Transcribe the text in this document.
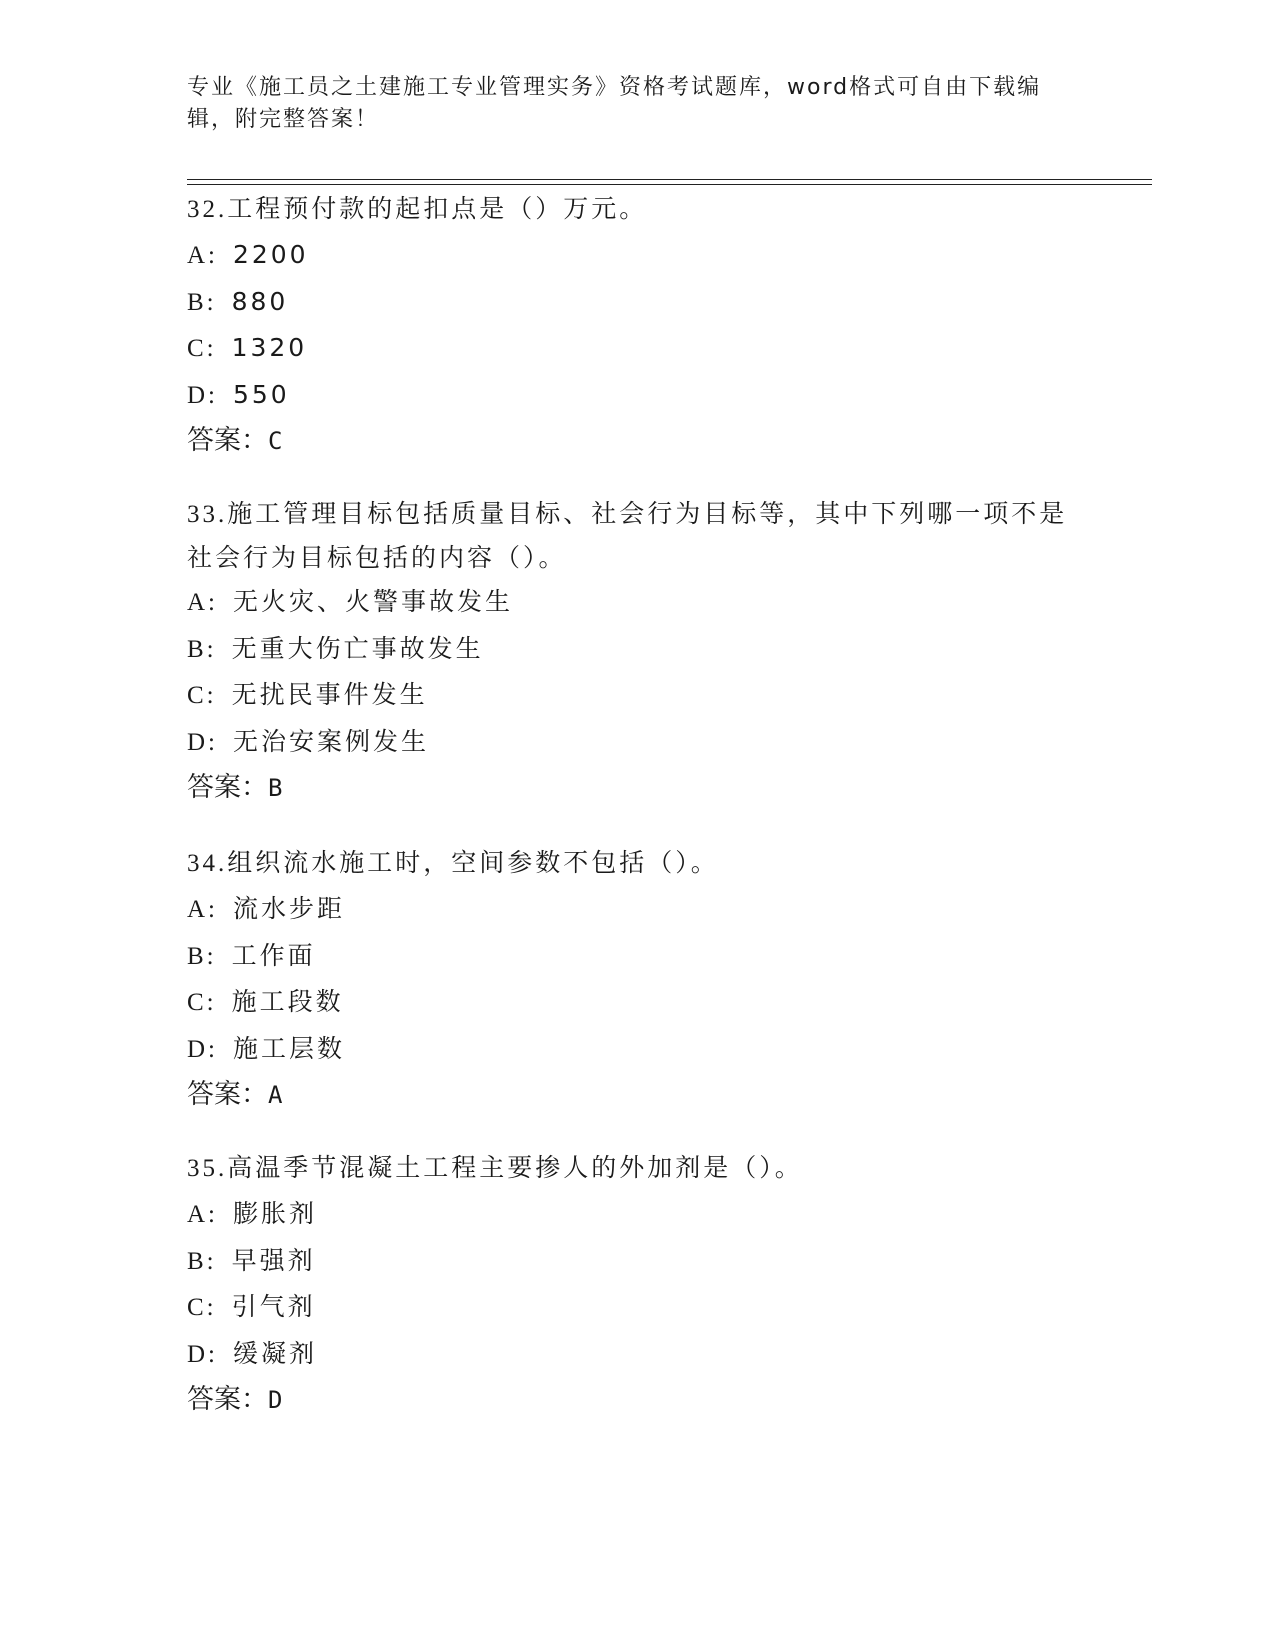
专业《施工员之土建施工专业管理实务》资格考试题库，word格式可自由下载编
辑，附完整答案！

32.工程预付款的起扣点是（）万元。

A: 2200

B: 880

C: 1320

D: 550

答案：C

33.施工管理目标包括质量目标、社会行为目标等，其中下列哪一项不是社会行为目标包括的内容（）。

A: 无火灾、火警事故发生

B: 无重大伤亡事故发生

C: 无扰民事件发生

D: 无治安案例发生

答案：B

34.组织流水施工时，空间参数不包括（）。

A: 流水步距

B: 工作面

C: 施工段数

D: 施工层数

答案：A

35.高温季节混凝土工程主要掺人的外加剂是（）。

A: 膨胀剂

B: 早强剂

C: 引气剂

D: 缓凝剂

答案：D
